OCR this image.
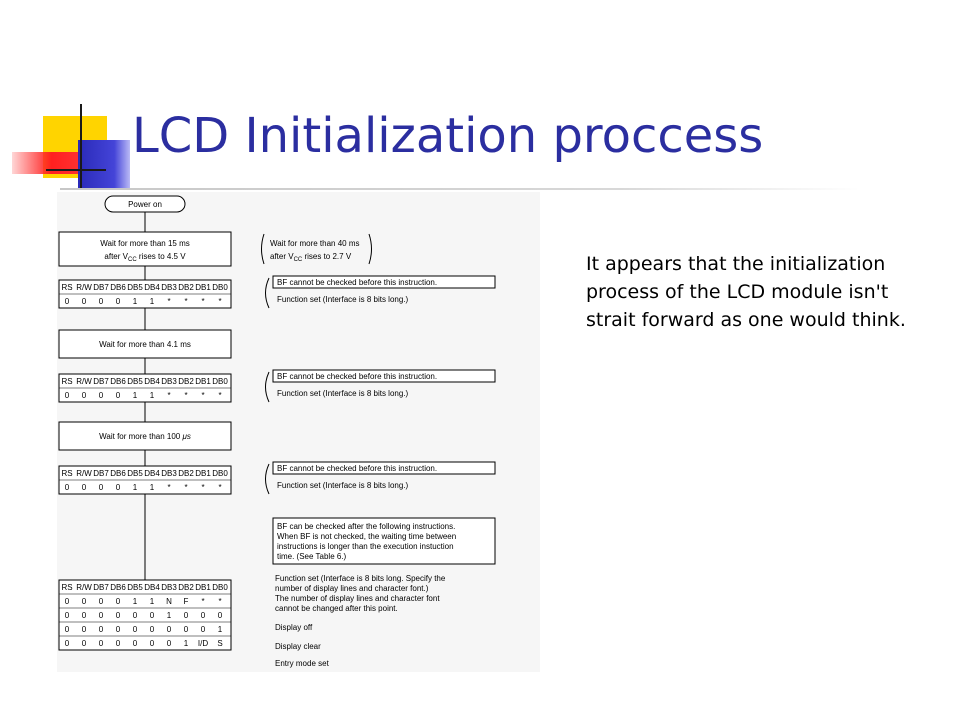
LCD Initialization proccess
Power on
Wait for more than 15 ms
after $V_{CC}$ rises to 4.5 V
Wait for more than 40 ms
after $V_{CC}$ rises to 2.7 V
RS R/W DB7 DB6 DB5 DB4 DB3 DB2 DB1 DB0
0 0 0 0 1 1 * * * *
BF cannot be checked before this instruction.
Function set (Interface is 8 bits long.)
Wait for more than 4.1 ms
RS R/W DB7 DB6 DB5 DB4 DB3 DB2 DB1 DB0
0 0 0 0 1 1 * * * *
BF cannot be checked before this instruction.
Function set (Interface is 8 bits long.)
Wait for more than 100 μs
RS R/W DB7 DB6 DB5 DB4 DB3 DB2 DB1 DB0
0 0 0 0 1 1 * * * *
BF cannot be checked before this instruction.
Function set (Interface is 8 bits long.)
BF can be checked after the following instructions.
When BF is not checked, the waiting time between
instructions is longer than the execution instuction
time. (See Table 6.)
RS R/W DB7 DB6 DB5 DB4 DB3 DB2 DB1 DB0
0 0 0 0 1 1 N F * *
0 0 0 0 0 0 1 0 0 0
0 0 0 0 0 0 0 0 0 1
0 0 0 0 0 0 0 1 I/D S
Function set (Interface is 8 bits long. Specify the
number of display lines and character font.)
The number of display lines and character font
cannot be changed after this point.
Display off
Display clear
Entry mode set
It appears that the initialization process of the LCD module isn't strait forward as one would think.
